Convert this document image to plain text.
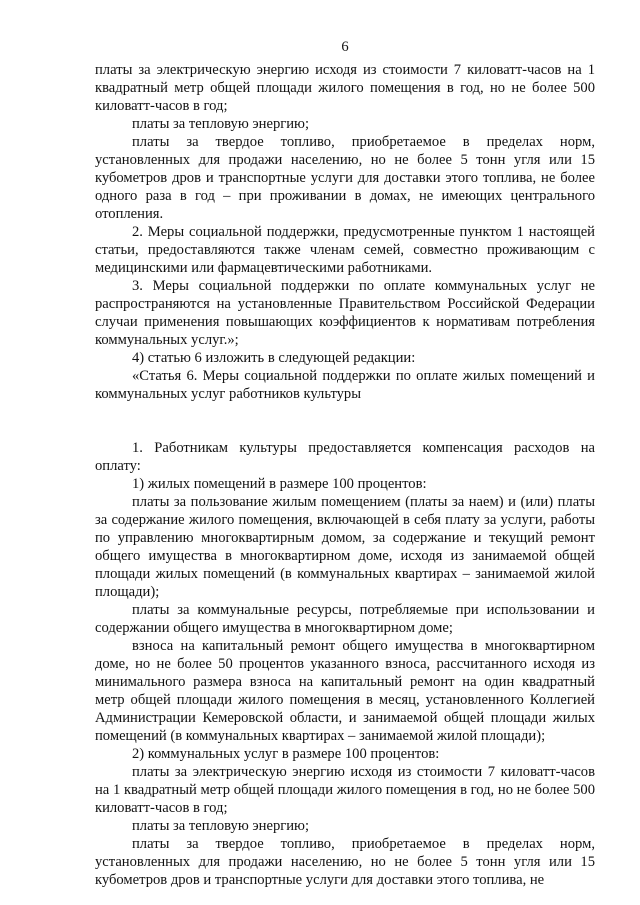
6

платы за электрическую энергию исходя из стоимости 7 киловатт-часов на 1 квадратный метр общей площади жилого помещения в год, но не более 500 киловатт-часов в год;

платы за тепловую энергию;

платы за твердое топливо, приобретаемое в пределах норм, установленных для продажи населению, но не более 5 тонн угля или 15 кубометров дров и транспортные услуги для доставки этого топлива, не более одного раза в год – при проживании в домах, не имеющих центрального отопления.

2. Меры социальной поддержки, предусмотренные пунктом 1 настоящей статьи, предоставляются также членам семей, совместно проживающим с медицинскими или фармацевтическими работниками.

3. Меры социальной поддержки по оплате коммунальных услуг не распространяются на установленные Правительством Российской Федерации случаи применения повышающих коэффициентов к нормативам потребления коммунальных услуг.»;

4) статью 6 изложить в следующей редакции:

«Статья 6. Меры социальной поддержки по оплате жилых помещений и коммунальных услуг работников культуры

1. Работникам культуры предоставляется компенсация расходов на оплату:

1) жилых помещений в размере 100 процентов:

платы за пользование жилым помещением (платы за наем) и (или) платы за содержание жилого помещения, включающей в себя плату за услуги, работы по управлению многоквартирным домом, за содержание и текущий ремонт общего имущества в многоквартирном доме, исходя из занимаемой общей площади жилых помещений (в коммунальных квартирах – занимаемой жилой площади);

платы за коммунальные ресурсы, потребляемые при использовании и содержании общего имущества в многоквартирном доме;

взноса на капитальный ремонт общего имущества в многоквартирном доме, но не более 50 процентов указанного взноса, рассчитанного исходя из минимального размера взноса на капитальный ремонт на один квадратный метр общей площади жилого помещения в месяц, установленного Коллегией Администрации Кемеровской области, и занимаемой общей площади жилых помещений (в коммунальных квартирах – занимаемой жилой площади);

2) коммунальных услуг в размере 100 процентов:

платы за электрическую энергию исходя из стоимости 7 киловатт-часов на 1 квадратный метр общей площади жилого помещения в год, но не более 500 киловатт-часов в год;

платы за тепловую энергию;

платы за твердое топливо, приобретаемое в пределах норм, установленных для продажи населению, но не более 5 тонн угля или 15 кубометров дров и транспортные услуги для доставки этого топлива, не
